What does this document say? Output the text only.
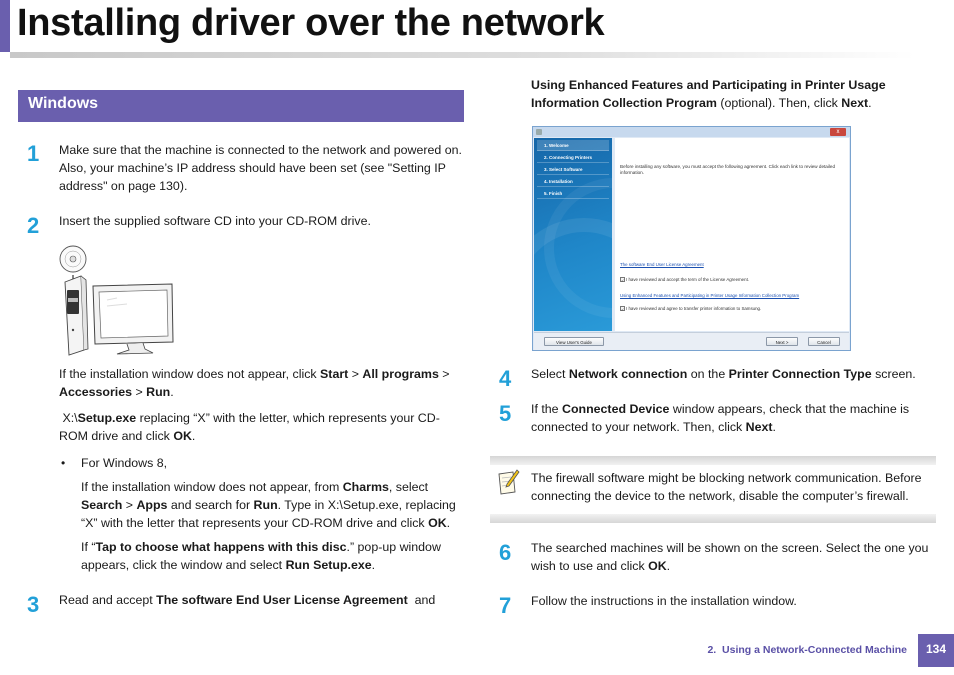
Installing driver over the network
Windows
1 Make sure that the machine is connected to the network and powered on. Also, your machine’s IP address should have been set (see "Setting IP address" on page 130).

2 Insert the supplied software CD into your CD-ROM drive.

If the installation window does not appear, click Start > All programs > Accessories > Run.

X:\Setup.exe replacing “X” with the letter, which represents your CD-ROM drive and click OK.

• For Windows 8,

If the installation window does not appear, from Charms, select Search > Apps and search for Run. Type in X:\Setup.exe, replacing “X” with the letter that represents your CD-ROM drive and click OK.

If “Tap to choose what happens with this disc.” pop-up window appears, click the window and select Run Setup.exe.

3 Read and accept The software End User License Agreement  and

Using Enhanced Features and Participating in Printer Usage Information Collection Program (optional). Then, click Next.

x
1. Welcome
2. Connecting Printers
3. Select Software
4. Installation
5. Finish

Before installing any software, you must accept the following agreement. Click each link to review detailed information.

The software End User License Agreement
✓ I have reviewed and accept the term of the License Agreement.
Using Enhanced Features and Participating in Printer Usage Information Collection Program
✓ I have reviewed and agree to transfer printer information to Samsung.
View User's Guide	Next >	Cancel
4 Select Network connection on the Printer Connection Type screen.

5 If the Connected Device window appears, check that the machine is connected to your network. Then, click Next.

The firewall software might be blocking network communication. Before connecting the device to the network, disable the computer’s firewall.

6 The searched machines will be shown on the screen. Select the one you wish to use and click OK.

7 Follow the instructions in the installation window.

2.  Using a Network-Connected Machine	134
